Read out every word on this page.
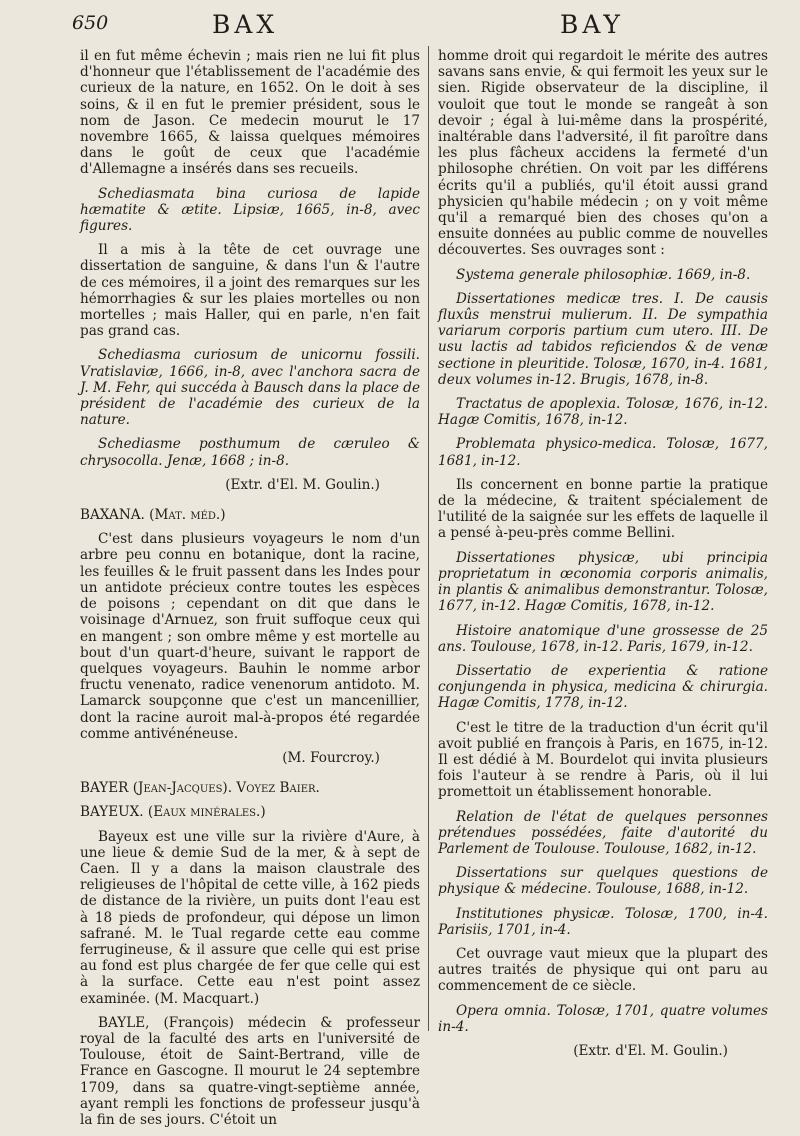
650	BAX	BAY

il en fut même échevin ; mais rien ne lui fit plus d'honneur que l'établissement de l'académie des curieux de la nature, en 1652. On le doit à ses soins, & il en fut le premier président, sous le nom de Jason. Ce medecin mourut le 17 novembre 1665, & laissa quelques mémoires dans le goût de ceux que l'académie d'Allemagne a insérés dans ses recueils.

Schediasmata bina curiosa de lapide hæmatite & ætite. Lipsiæ, 1665, in-8, avec figures.

Il a mis à la tête de cet ouvrage une dissertation de sanguine, & dans l'un & l'autre de ces mémoires, il a joint des remarques sur les hémorrhagies & sur les plaies mortelles ou non mortelles ; mais Haller, qui en parle, n'en fait pas grand cas.

Schediasma curiosum de unicornu fossili. Vratislaviæ, 1666, in-8, avec l'anchora sacra de J. M. Fehr, qui succéda à Bausch dans la place de président de l'académie des curieux de la nature.

Schediasme posthumum de cæruleo & chrysocolla. Jenæ, 1668 ; in-8.

(Extr. d'El. M. Goulin.)

BAXANA. (Mat. méd.)

C'est dans plusieurs voyageurs le nom d'un arbre peu connu en botanique, dont la racine, les feuilles & le fruit passent dans les Indes pour un antidote précieux contre toutes les espèces de poisons ; cependant on dit que dans le voisinage d'Arnuez, son fruit suffoque ceux qui en mangent ; son ombre même y est mortelle au bout d'un quart-d'heure, suivant le rapport de quelques voyageurs. Bauhin le nomme arbor fructu venenato, radice venenorum antidoto. M. Lamarck soupçonne que c'est un mancenillier, dont la racine auroit mal-à-propos été regardée comme antivénéneuse.

(M. Fourcroy.)

BAYER (Jean-Jacques). Voyez Baier.

BAYEUX. (Eaux minérales.)

Bayeux est une ville sur la rivière d'Aure, à une lieue & demie Sud de la mer, & à sept de Caen. Il y a dans la maison claustrale des religieuses de l'hôpital de cette ville, à 162 pieds de distance de la rivière, un puits dont l'eau est à 18 pieds de profondeur, qui dépose un limon safrané. M. le Tual regarde cette eau comme ferrugineuse, & il assure que celle qui est prise au fond est plus chargée de fer que celle qui est à la surface. Cette eau n'est point assez examinée. (M. Macquart.)

BAYLE, (François) médecin & professeur royal de la faculté des arts en l'université de Toulouse, étoit de Saint-Bertrand, ville de France en Gascogne. Il mourut le 24 septembre 1709, dans sa quatre-vingt-septième année, ayant rempli les fonctions de professeur jusqu'à la fin de ses jours. C'étoit un

homme droit qui regardoit le mérite des autres savans sans envie, & qui fermoit les yeux sur le sien. Rigide observateur de la discipline, il vouloit que tout le monde se rangeât à son devoir ; égal à lui-même dans la prospérité, inaltérable dans l'adversité, il fit paroître dans les plus fâcheux accidens la fermeté d'un philosophe chrétien. On voit par les différens écrits qu'il a publiés, qu'il étoit aussi grand physicien qu'habile médecin ; on y voit même qu'il a remarqué bien des choses qu'on a ensuite données au public comme de nouvelles découvertes. Ses ouvrages sont :

Systema generale philosophiæ. 1669, in-8.

Dissertationes medicæ tres. I. De causis fluxûs menstrui mulierum. II. De sympathia variarum corporis partium cum utero. III. De usu lactis ad tabidos reficiendos & de venæ sectione in pleuritide. Tolosæ, 1670, in-4. 1681, deux volumes in-12. Brugis, 1678, in-8.

Tractatus de apoplexia. Tolosæ, 1676, in-12. Hagæ Comitis, 1678, in-12.

Problemata physico-medica. Tolosæ, 1677, 1681, in-12.

Ils concernent en bonne partie la pratique de la médecine, & traitent spécialement de l'utilité de la saignée sur les effets de laquelle il a pensé à-peu-près comme Bellini.

Dissertationes physicæ, ubi principia proprietatum in œconomia corporis animalis, in plantis & animalibus demonstrantur. Tolosæ, 1677, in-12. Hagæ Comitis, 1678, in-12.

Histoire anatomique d'une grossesse de 25 ans. Toulouse, 1678, in-12. Paris, 1679, in-12.

Dissertatio de experientia & ratione conjungenda in physica, medicina & chirurgia. Hagæ Comitis, 1778, in-12.

C'est le titre de la traduction d'un écrit qu'il avoit publié en françois à Paris, en 1675, in-12. Il est dédié à M. Bourdelot qui invita plusieurs fois l'auteur à se rendre à Paris, où il lui promettoit un établissement honorable.

Relation de l'état de quelques personnes prétendues possédées, faite d'autorité du Parlement de Toulouse. Toulouse, 1682, in-12.

Dissertations sur quelques questions de physique & médecine. Toulouse, 1688, in-12.

Institutiones physicæ. Tolosæ, 1700, in-4. Parisiis, 1701, in-4.

Cet ouvrage vaut mieux que la plupart des autres traités de physique qui ont paru au commencement de ce siècle.

Opera omnia. Tolosæ, 1701, quatre volumes in-4.

(Extr. d'El. M. Goulin.)
